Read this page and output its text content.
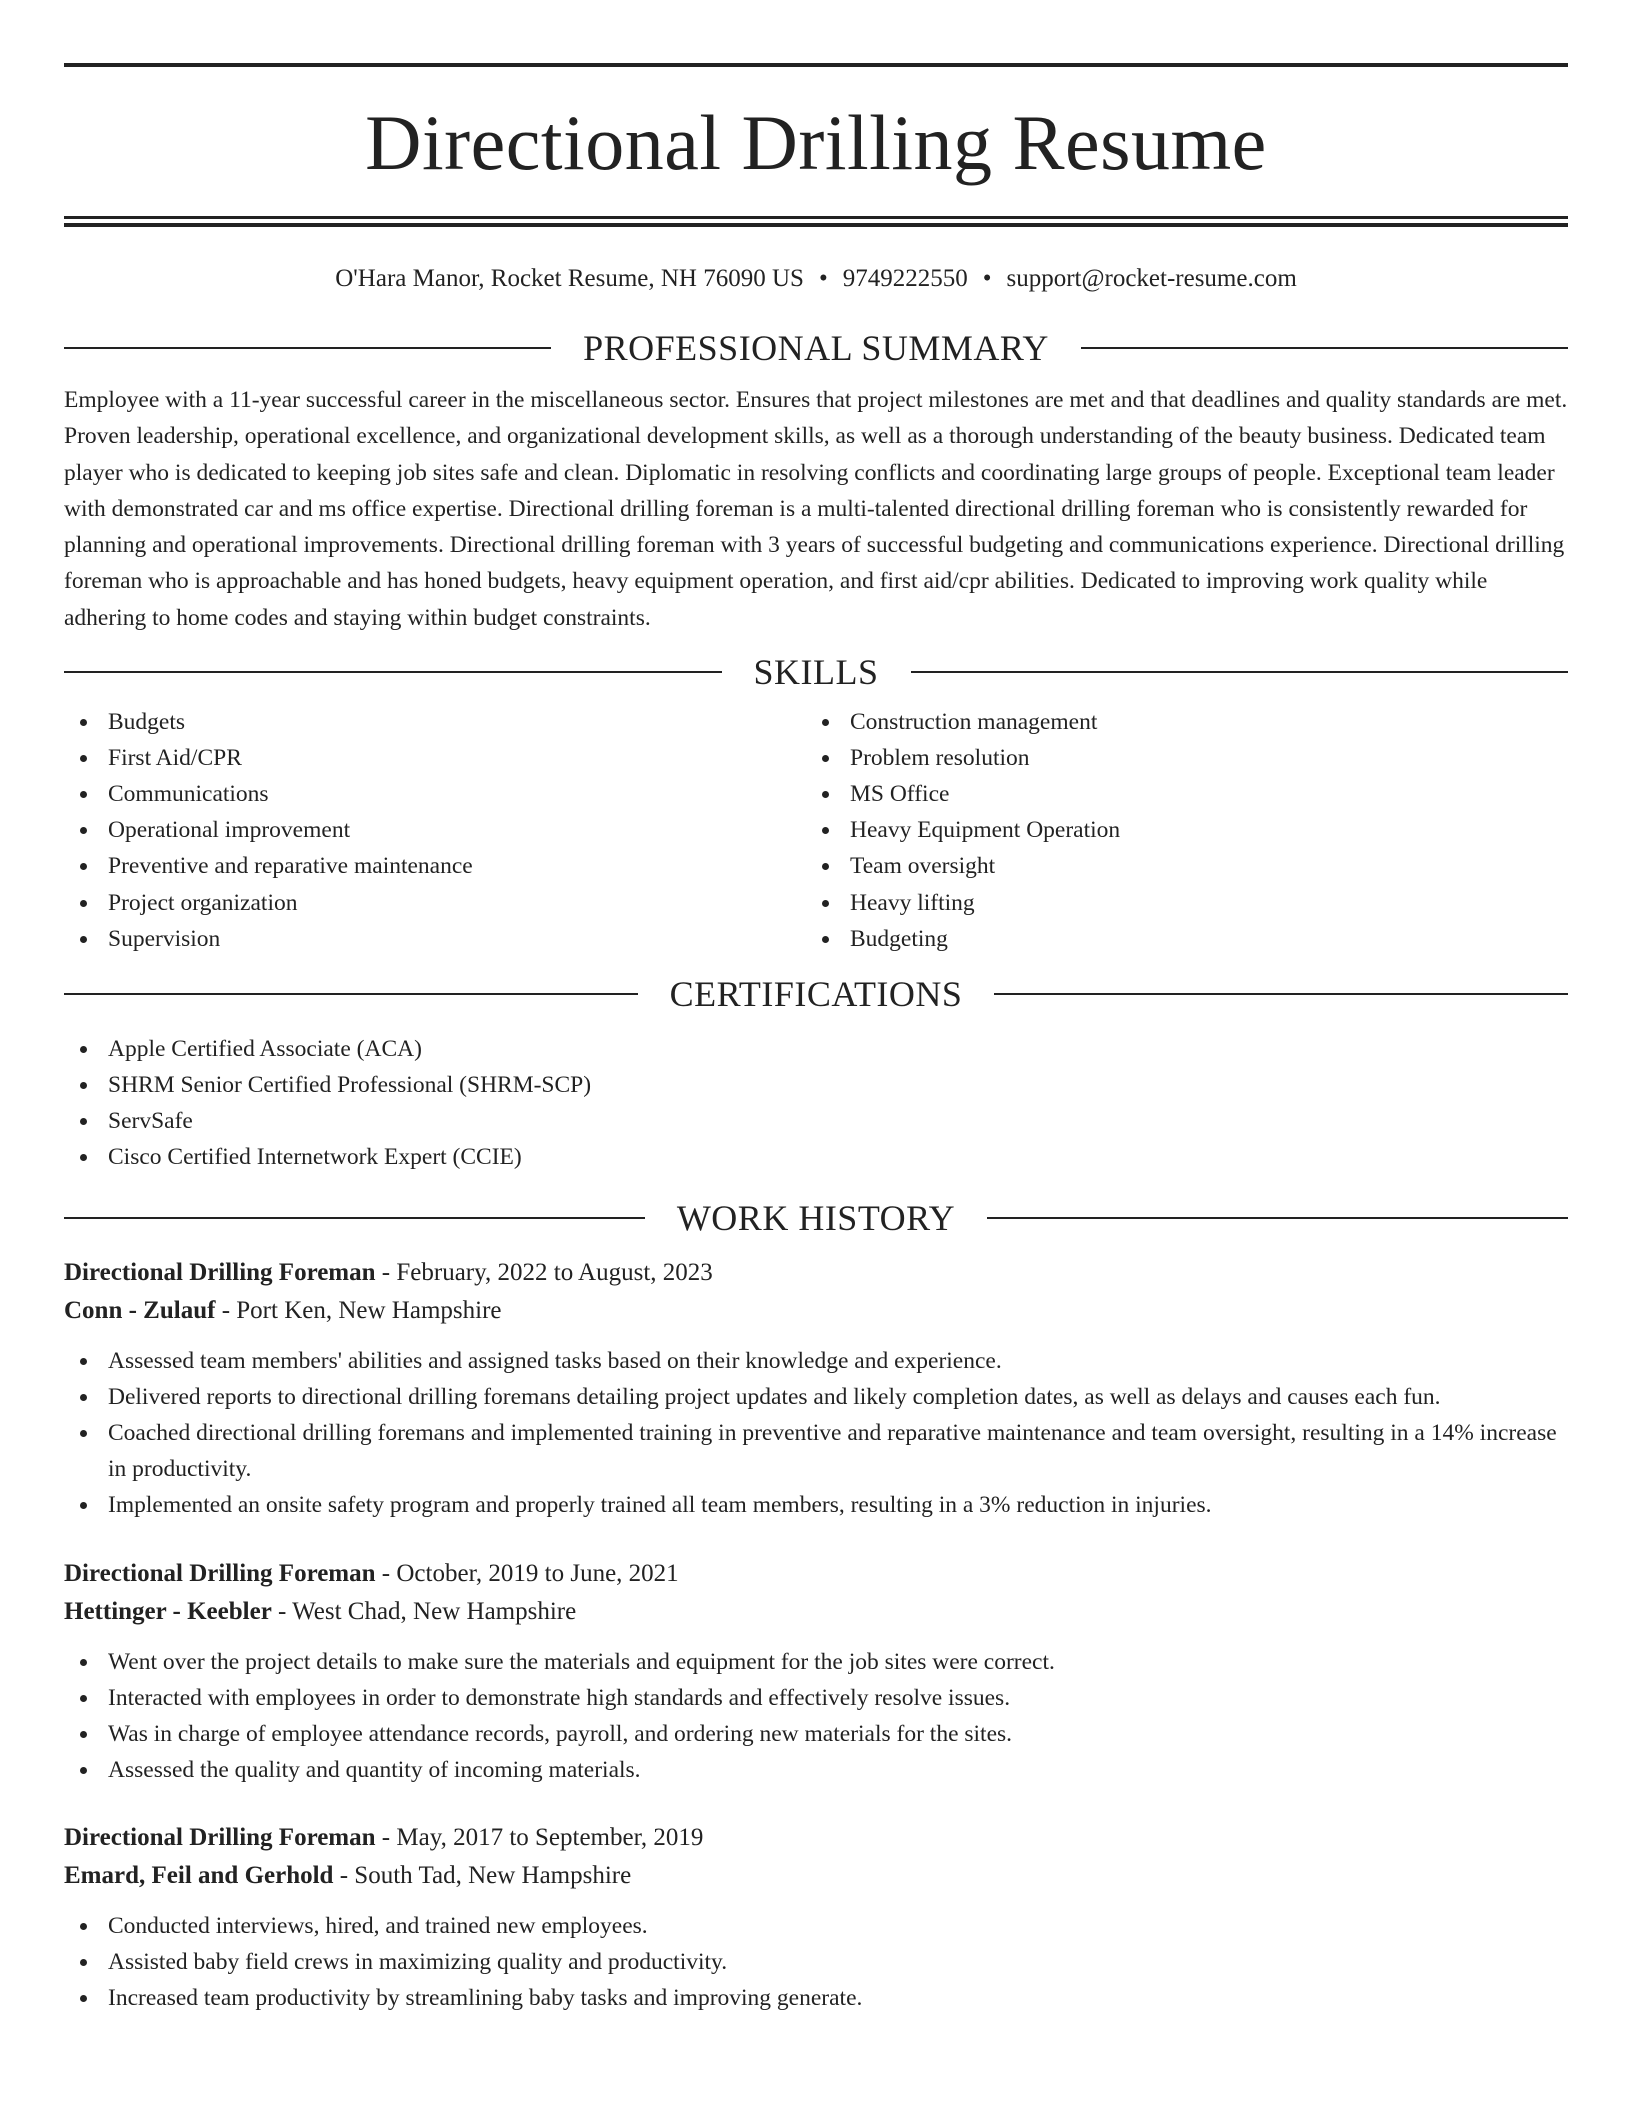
Directional Drilling Resume
O'Hara Manor, Rocket Resume, NH 76090 US • 9749222550 • support@rocket-resume.com
PROFESSIONAL SUMMARY
Employee with a 11-year successful career in the miscellaneous sector. Ensures that project milestones are met and that deadlines and quality standards are met. Proven leadership, operational excellence, and organizational development skills, as well as a thorough understanding of the beauty business. Dedicated team player who is dedicated to keeping job sites safe and clean. Diplomatic in resolving conflicts and coordinating large groups of people. Exceptional team leader with demonstrated car and ms office expertise. Directional drilling foreman is a multi-talented directional drilling foreman who is consistently rewarded for planning and operational improvements. Directional drilling foreman with 3 years of successful budgeting and communications experience. Directional drilling foreman who is approachable and has honed budgets, heavy equipment operation, and first aid/cpr abilities. Dedicated to improving work quality while adhering to home codes and staying within budget constraints.
SKILLS
Budgets
First Aid/CPR
Communications
Operational improvement
Preventive and reparative maintenance
Project organization
Supervision
Construction management
Problem resolution
MS Office
Heavy Equipment Operation
Team oversight
Heavy lifting
Budgeting
CERTIFICATIONS
Apple Certified Associate (ACA)
SHRM Senior Certified Professional (SHRM-SCP)
ServSafe
Cisco Certified Internetwork Expert (CCIE)
WORK HISTORY
Directional Drilling Foreman - February, 2022 to August, 2023
Conn - Zulauf - Port Ken, New Hampshire
Assessed team members' abilities and assigned tasks based on their knowledge and experience.
Delivered reports to directional drilling foremans detailing project updates and likely completion dates, as well as delays and causes each fun.
Coached directional drilling foremans and implemented training in preventive and reparative maintenance and team oversight, resulting in a 14% increase in productivity.
Implemented an onsite safety program and properly trained all team members, resulting in a 3% reduction in injuries.
Directional Drilling Foreman - October, 2019 to June, 2021
Hettinger - Keebler - West Chad, New Hampshire
Went over the project details to make sure the materials and equipment for the job sites were correct.
Interacted with employees in order to demonstrate high standards and effectively resolve issues.
Was in charge of employee attendance records, payroll, and ordering new materials for the sites.
Assessed the quality and quantity of incoming materials.
Directional Drilling Foreman - May, 2017 to September, 2019
Emard, Feil and Gerhold - South Tad, New Hampshire
Conducted interviews, hired, and trained new employees.
Assisted baby field crews in maximizing quality and productivity.
Increased team productivity by streamlining baby tasks and improving generate.
